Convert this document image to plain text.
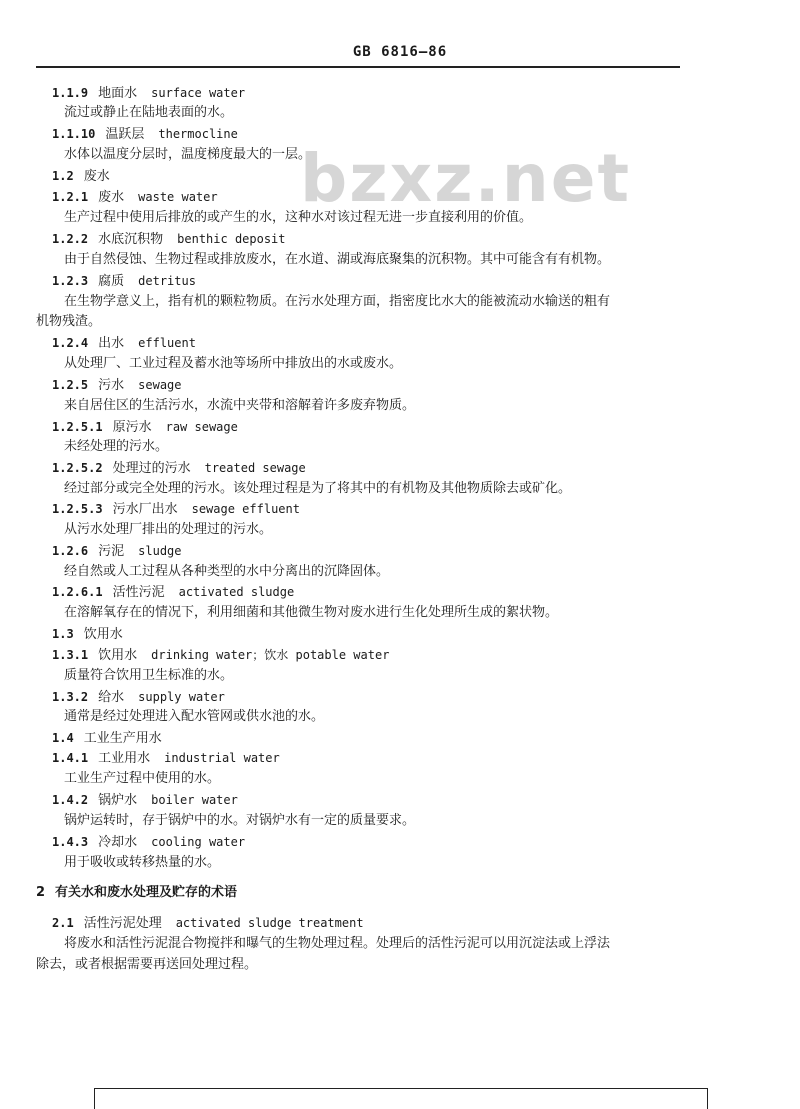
GB 6816—86
bzxz.net
1.1.9 地面水 surface water
流过或静止在陆地表面的水。
1.1.10 温跃层 thermocline
水体以温度分层时，温度梯度最大的一层。
1.2 废水
1.2.1 废水 waste water
生产过程中使用后排放的或产生的水，这种水对该过程无进一步直接利用的价值。
1.2.2 水底沉积物 benthic deposit
由于自然侵蚀、生物过程或排放废水，在水道、湖或海底聚集的沉积物。其中可能含有有机物。
1.2.3 腐质 detritus
在生物学意义上，指有机的颗粒物质。在污水处理方面，指密度比水大的能被流动水输送的粗有
机物残渣。
1.2.4 出水 effluent
从处理厂、工业过程及蓄水池等场所中排放出的水或废水。
1.2.5 污水 sewage
来自居住区的生活污水，水流中夹带和溶解着许多废弃物质。
1.2.5.1 原污水 raw sewage
未经处理的污水。
1.2.5.2 处理过的污水 treated sewage
经过部分或完全处理的污水。该处理过程是为了将其中的有机物及其他物质除去或矿化。
1.2.5.3 污水厂出水 sewage effluent
从污水处理厂排出的处理过的污水。
1.2.6 污泥 sludge
经自然或人工过程从各种类型的水中分离出的沉降固体。
1.2.6.1 活性污泥 activated sludge
在溶解氧存在的情况下，利用细菌和其他微生物对废水进行生化处理所生成的絮状物。
1.3 饮用水
1.3.1 饮用水 drinking water；饮水 potable water
质量符合饮用卫生标准的水。
1.3.2 给水 supply water
通常是经过处理进入配水管网或供水池的水。
1.4 工业生产用水
1.4.1 工业用水 industrial water
工业生产过程中使用的水。
1.4.2 锅炉水 boiler water
锅炉运转时，存于锅炉中的水。对锅炉水有一定的质量要求。
1.4.3 冷却水 cooling water
用于吸收或转移热量的水。
2 有关水和废水处理及贮存的术语
2.1 活性污泥处理 activated sludge treatment
将废水和活性污泥混合物搅拌和曝气的生物处理过程。处理后的活性污泥可以用沉淀法或上浮法
除去，或者根据需要再送回处理过程。
